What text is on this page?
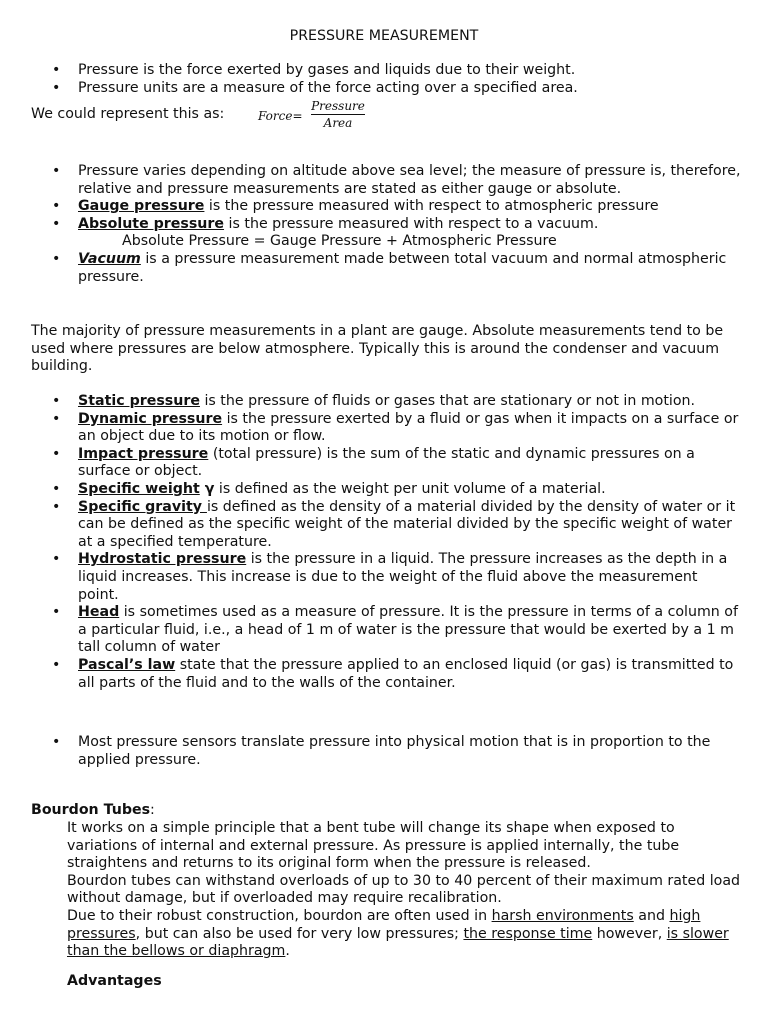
PRESSURE MEASUREMENT
• Pressure is the force exerted by gases and liquids due to their weight.
• Pressure units are a measure of the force acting over a specified area.
We could represent this as:	Force=
Pressure
Area
• Pressure varies depending on altitude above sea level; the measure of pressure is, therefore, relative and pressure measurements are stated as either gauge or absolute.
• Gauge pressure is the pressure measured with respect to atmospheric pressure
• Absolute pressure is the pressure measured with respect to a vacuum.
Absolute Pressure = Gauge Pressure + Atmospheric Pressure
• Vacuum is a pressure measurement made between total vacuum and normal atmospheric pressure.
The majority of pressure measurements in a plant are gauge. Absolute measurements tend to be used where pressures are below atmosphere. Typically this is around the condenser and vacuum building.
• Static pressure is the pressure of fluids or gases that are stationary or not in motion.
• Dynamic pressure is the pressure exerted by a fluid or gas when it impacts on a surface or an object due to its motion or flow.
• Impact pressure (total pressure) is the sum of the static and dynamic pressures on a surface or object.
• Specific weight γ is defined as the weight per unit volume of a material.
• Specific gravity is defined as the density of a material divided by the density of water or it can be defined as the specific weight of the material divided by the specific weight of water at a specified temperature.
• Hydrostatic pressure is the pressure in a liquid. The pressure increases as the depth in a liquid increases. This increase is due to the weight of the fluid above the measurement point.
• Head is sometimes used as a measure of pressure. It is the pressure in terms of a column of a particular fluid, i.e., a head of 1 m of water is the pressure that would be exerted by a 1 m tall column of water
• Pascal’s law state that the pressure applied to an enclosed liquid (or gas) is transmitted to all parts of the fluid and to the walls of the container.
• Most pressure sensors translate pressure into physical motion that is in proportion to the applied pressure.
Bourdon Tubes:
It works on a simple principle that a bent tube will change its shape when exposed to variations of internal and external pressure. As pressure is applied internally, the tube straightens and returns to its original form when the pressure is released.
Bourdon tubes can withstand overloads of up to 30 to 40 percent of their maximum rated load without damage, but if overloaded may require recalibration.
Due to their robust construction, bourdon are often used in harsh environments and high pressures, but can also be used for very low pressures; the response time however, is slower than the bellows or diaphragm.
Advantages
